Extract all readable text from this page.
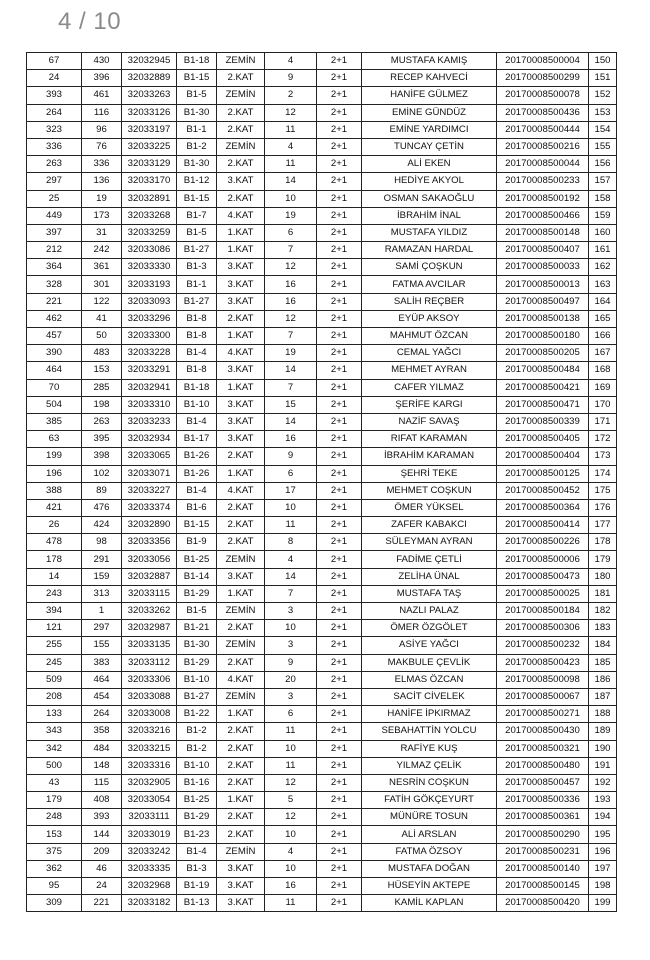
4 / 10
67	430	32032945	B1-18	ZEMİN	4	2+1	MUSTAFA KAMIŞ	20170008500004	150
24	396	32032889	B1-15	2.KAT	9	2+1	RECEP KAHVECİ	20170008500299	151
393	461	32033263	B1-5	ZEMİN	2	2+1	HANİFE GÜLMEZ	20170008500078	152
264	116	32033126	B1-30	2.KAT	12	2+1	EMİNE GÜNDÜZ	20170008500436	153
323	96	32033197	B1-1	2.KAT	11	2+1	EMİNE YARDIMCI	20170008500444	154
336	76	32033225	B1-2	ZEMİN	4	2+1	TUNCAY ÇETİN	20170008500216	155
263	336	32033129	B1-30	2.KAT	11	2+1	ALİ EKEN	20170008500044	156
297	136	32033170	B1-12	3.KAT	14	2+1	HEDİYE AKYOL	20170008500233	157
25	19	32032891	B1-15	2.KAT	10	2+1	OSMAN SAKAOĞLU	20170008500192	158
449	173	32033268	B1-7	4.KAT	19	2+1	İBRAHİM İNAL	20170008500466	159
397	31	32033259	B1-5	1.KAT	6	2+1	MUSTAFA YILDIZ	20170008500148	160
212	242	32033086	B1-27	1.KAT	7	2+1	RAMAZAN HARDAL	20170008500407	161
364	361	32033330	B1-3	3.KAT	12	2+1	SAMİ ÇOŞKUN	20170008500033	162
328	301	32033193	B1-1	3.KAT	16	2+1	FATMA AVCILAR	20170008500013	163
221	122	32033093	B1-27	3.KAT	16	2+1	SALİH REÇBER	20170008500497	164
462	41	32033296	B1-8	2.KAT	12	2+1	EYÜP AKSOY	20170008500138	165
457	50	32033300	B1-8	1.KAT	7	2+1	MAHMUT ÖZCAN	20170008500180	166
390	483	32033228	B1-4	4.KAT	19	2+1	CEMAL YAĞCI	20170008500205	167
464	153	32033291	B1-8	3.KAT	14	2+1	MEHMET AYRAN	20170008500484	168
70	285	32032941	B1-18	1.KAT	7	2+1	CAFER YILMAZ	20170008500421	169
504	198	32033310	B1-10	3.KAT	15	2+1	ŞERİFE KARGI	20170008500471	170
385	263	32033233	B1-4	3.KAT	14	2+1	NAZİF SAVAŞ	20170008500339	171
63	395	32032934	B1-17	3.KAT	16	2+1	RIFAT KARAMAN	20170008500405	172
199	398	32033065	B1-26	2.KAT	9	2+1	İBRAHİM KARAMAN	20170008500404	173
196	102	32033071	B1-26	1.KAT	6	2+1	ŞEHRİ TEKE	20170008500125	174
388	89	32033227	B1-4	4.KAT	17	2+1	MEHMET COŞKUN	20170008500452	175
421	476	32033374	B1-6	2.KAT	10	2+1	ÖMER YÜKSEL	20170008500364	176
26	424	32032890	B1-15	2.KAT	11	2+1	ZAFER KABAKCI	20170008500414	177
478	98	32033356	B1-9	2.KAT	8	2+1	SÜLEYMAN AYRAN	20170008500226	178
178	291	32033056	B1-25	ZEMİN	4	2+1	FADİME ÇETLİ	20170008500006	179
14	159	32032887	B1-14	3.KAT	14	2+1	ZELİHA ÜNAL	20170008500473	180
243	313	32033115	B1-29	1.KAT	7	2+1	MUSTAFA TAŞ	20170008500025	181
394	1	32033262	B1-5	ZEMİN	3	2+1	NAZLI PALAZ	20170008500184	182
121	297	32032987	B1-21	2.KAT	10	2+1	ÖMER ÖZGÖLET	20170008500306	183
255	155	32033135	B1-30	ZEMİN	3	2+1	ASİYE YAĞCI	20170008500232	184
245	383	32033112	B1-29	2.KAT	9	2+1	MAKBULE ÇEVLİK	20170008500423	185
509	464	32033306	B1-10	4.KAT	20	2+1	ELMAS ÖZCAN	20170008500098	186
208	454	32033088	B1-27	ZEMİN	3	2+1	SACİT CİVELEK	20170008500067	187
133	264	32033008	B1-22	1.KAT	6	2+1	HANİFE İPKIRMAZ	20170008500271	188
343	358	32033216	B1-2	2.KAT	11	2+1	SEBAHATTİN YOLCU	20170008500430	189
342	484	32033215	B1-2	2.KAT	10	2+1	RAFİYE KUŞ	20170008500321	190
500	148	32033316	B1-10	2.KAT	11	2+1	YILMAZ ÇELİK	20170008500480	191
43	115	32032905	B1-16	2.KAT	12	2+1	NESRİN COŞKUN	20170008500457	192
179	408	32033054	B1-25	1.KAT	5	2+1	FATİH GÖKÇEYURT	20170008500336	193
248	393	32033111	B1-29	2.KAT	12	2+1	MÜNÜRE TOSUN	20170008500361	194
153	144	32033019	B1-23	2.KAT	10	2+1	ALİ ARSLAN	20170008500290	195
375	209	32033242	B1-4	ZEMİN	4	2+1	FATMA ÖZSOY	20170008500231	196
362	46	32033335	B1-3	3.KAT	10	2+1	MUSTAFA DOĞAN	20170008500140	197
95	24	32032968	B1-19	3.KAT	16	2+1	HÜSEYİN AKTEPE	20170008500145	198
309	221	32033182	B1-13	3.KAT	11	2+1	KAMİL KAPLAN	20170008500420	199
